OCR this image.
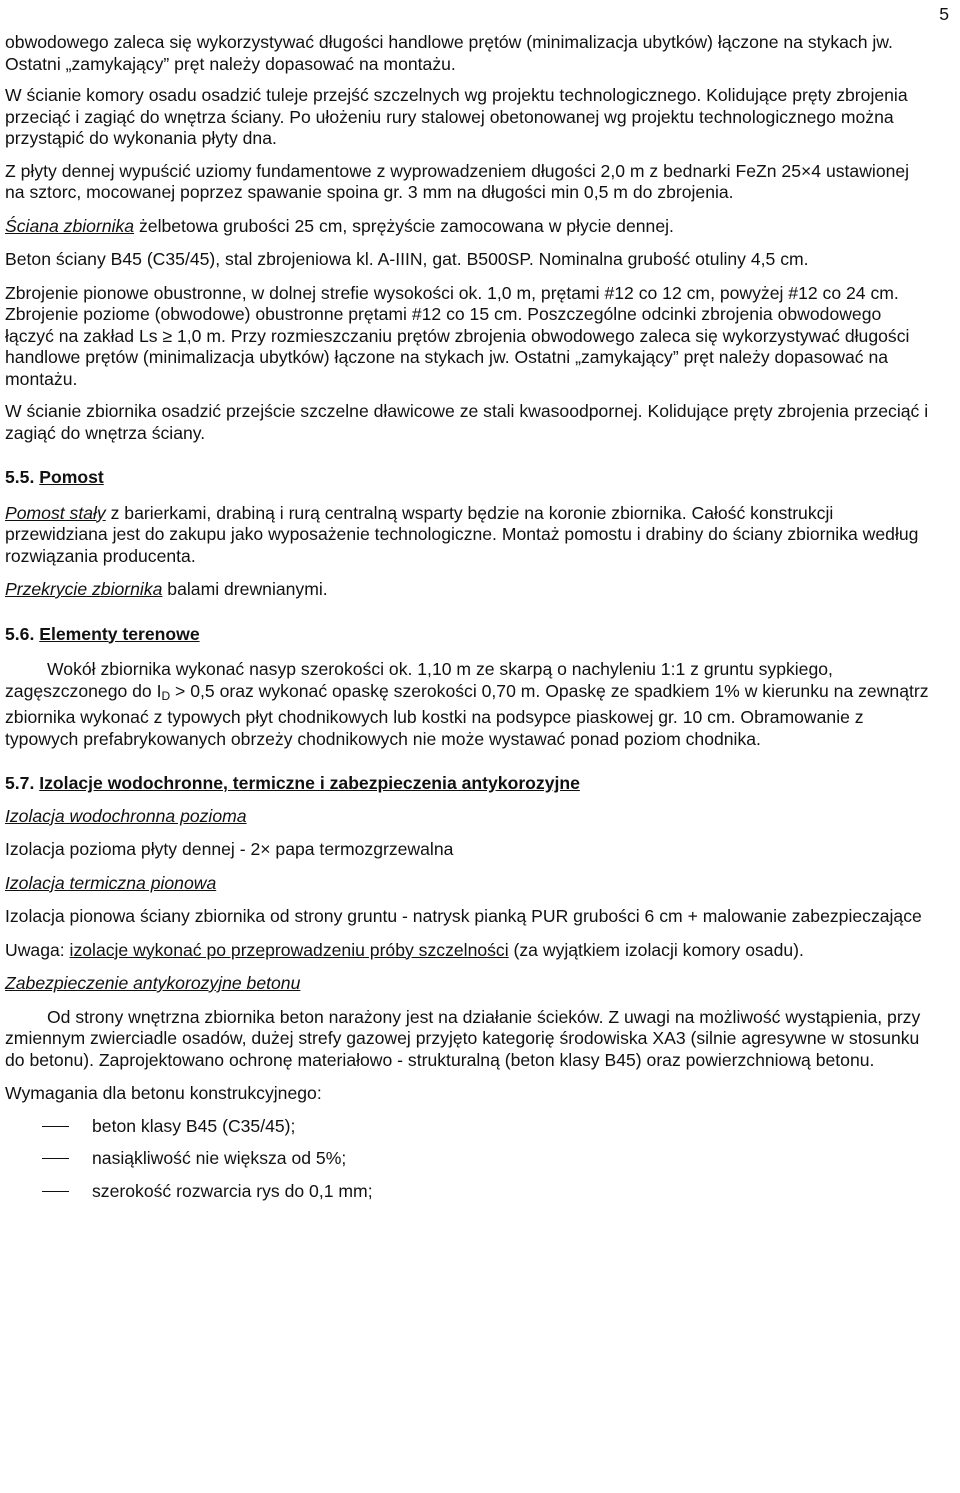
5

obwodowego zaleca się wykorzystywać długości handlowe prętów (minimalizacja ubytków) łączone na stykach jw. Ostatni „zamykający” pręt należy dopasować na montażu.

W ścianie komory osadu osadzić tuleje przejść szczelnych wg projektu technologicznego. Kolidujące pręty zbrojenia przeciąć i zagiąć do wnętrza ściany. Po ułożeniu rury stalowej obetonowanej wg projektu technologicznego można przystąpić do wykonania płyty dna.

Z płyty dennej wypuścić uziomy fundamentowe z wyprowadzeniem długości 2,0 m z bednarki FeZn 25×4 ustawionej na sztorc, mocowanej poprzez spawanie spoina gr. 3 mm na długości min 0,5 m do zbrojenia.

Ściana zbiornika żelbetowa grubości 25 cm, sprężyście zamocowana w płycie dennej.

Beton ściany B45 (C35/45), stal zbrojeniowa kl. A-IIIN, gat. B500SP. Nominalna grubość otuliny 4,5 cm.

Zbrojenie pionowe obustronne, w dolnej strefie wysokości ok. 1,0 m, prętami #12 co 12 cm, powyżej #12 co 24 cm. Zbrojenie poziome (obwodowe) obustronne prętami #12 co 15 cm. Poszczególne odcinki zbrojenia obwodowego łączyć na zakład Ls ≥ 1,0 m. Przy rozmieszczaniu prętów zbrojenia obwodowego zaleca się wykorzystywać długości handlowe prętów (minimalizacja ubytków) łączone na stykach jw. Ostatni „zamykający” pręt należy dopasować na montażu.

W ścianie zbiornika osadzić przejście szczelne dławicowe ze stali kwasoodpornej. Kolidujące pręty zbrojenia przeciąć i zagiąć do wnętrza ściany.

5.5. Pomost

Pomost stały z barierkami, drabiną i rurą centralną wsparty będzie na koronie zbiornika. Całość konstrukcji przewidziana jest do zakupu jako wyposażenie technologiczne. Montaż pomostu i drabiny do ściany zbiornika według rozwiązania producenta.

Przekrycie zbiornika balami drewnianymi.

5.6. Elementy terenowe

Wokół zbiornika wykonać nasyp szerokości ok. 1,10 m ze skarpą o nachyleniu 1:1 z gruntu sypkiego, zagęszczonego do $I_D > 0,5$ oraz wykonać opaskę szerokości 0,70 m. Opaskę ze spadkiem 1% w kierunku na zewnątrz zbiornika wykonać z typowych płyt chodnikowych lub kostki na podsypce piaskowej gr. 10 cm. Obramowanie z typowych prefabrykowanych obrzeży chodnikowych nie może wystawać ponad poziom chodnika.

5.7. Izolacje wodochronne, termiczne i zabezpieczenia antykorozyjne

Izolacja wodochronna pozioma

Izolacja pozioma płyty dennej - 2× papa termozgrzewalna

Izolacja termiczna pionowa

Izolacja pionowa ściany zbiornika od strony gruntu - natrysk pianką PUR grubości 6 cm + malowanie zabezpieczające

Uwaga: izolacje wykonać po przeprowadzeniu próby szczelności (za wyjątkiem izolacji komory osadu).

Zabezpieczenie antykorozyjne betonu

Od strony wnętrzna zbiornika beton narażony jest na działanie ścieków. Z uwagi na możliwość wystąpienia, przy zmiennym zwierciadle osadów, dużej strefy gazowej przyjęto kategorię środowiska XA3 (silnie agresywne w stosunku do betonu). Zaprojektowano ochronę materiałowo - strukturalną (beton klasy B45) oraz powierzchniową betonu.

Wymagania dla betonu konstrukcyjnego:

beton klasy B45 (C35/45);
nasiąkliwość nie większa od 5%;
szerokość rozwarcia rys do 0,1 mm;
